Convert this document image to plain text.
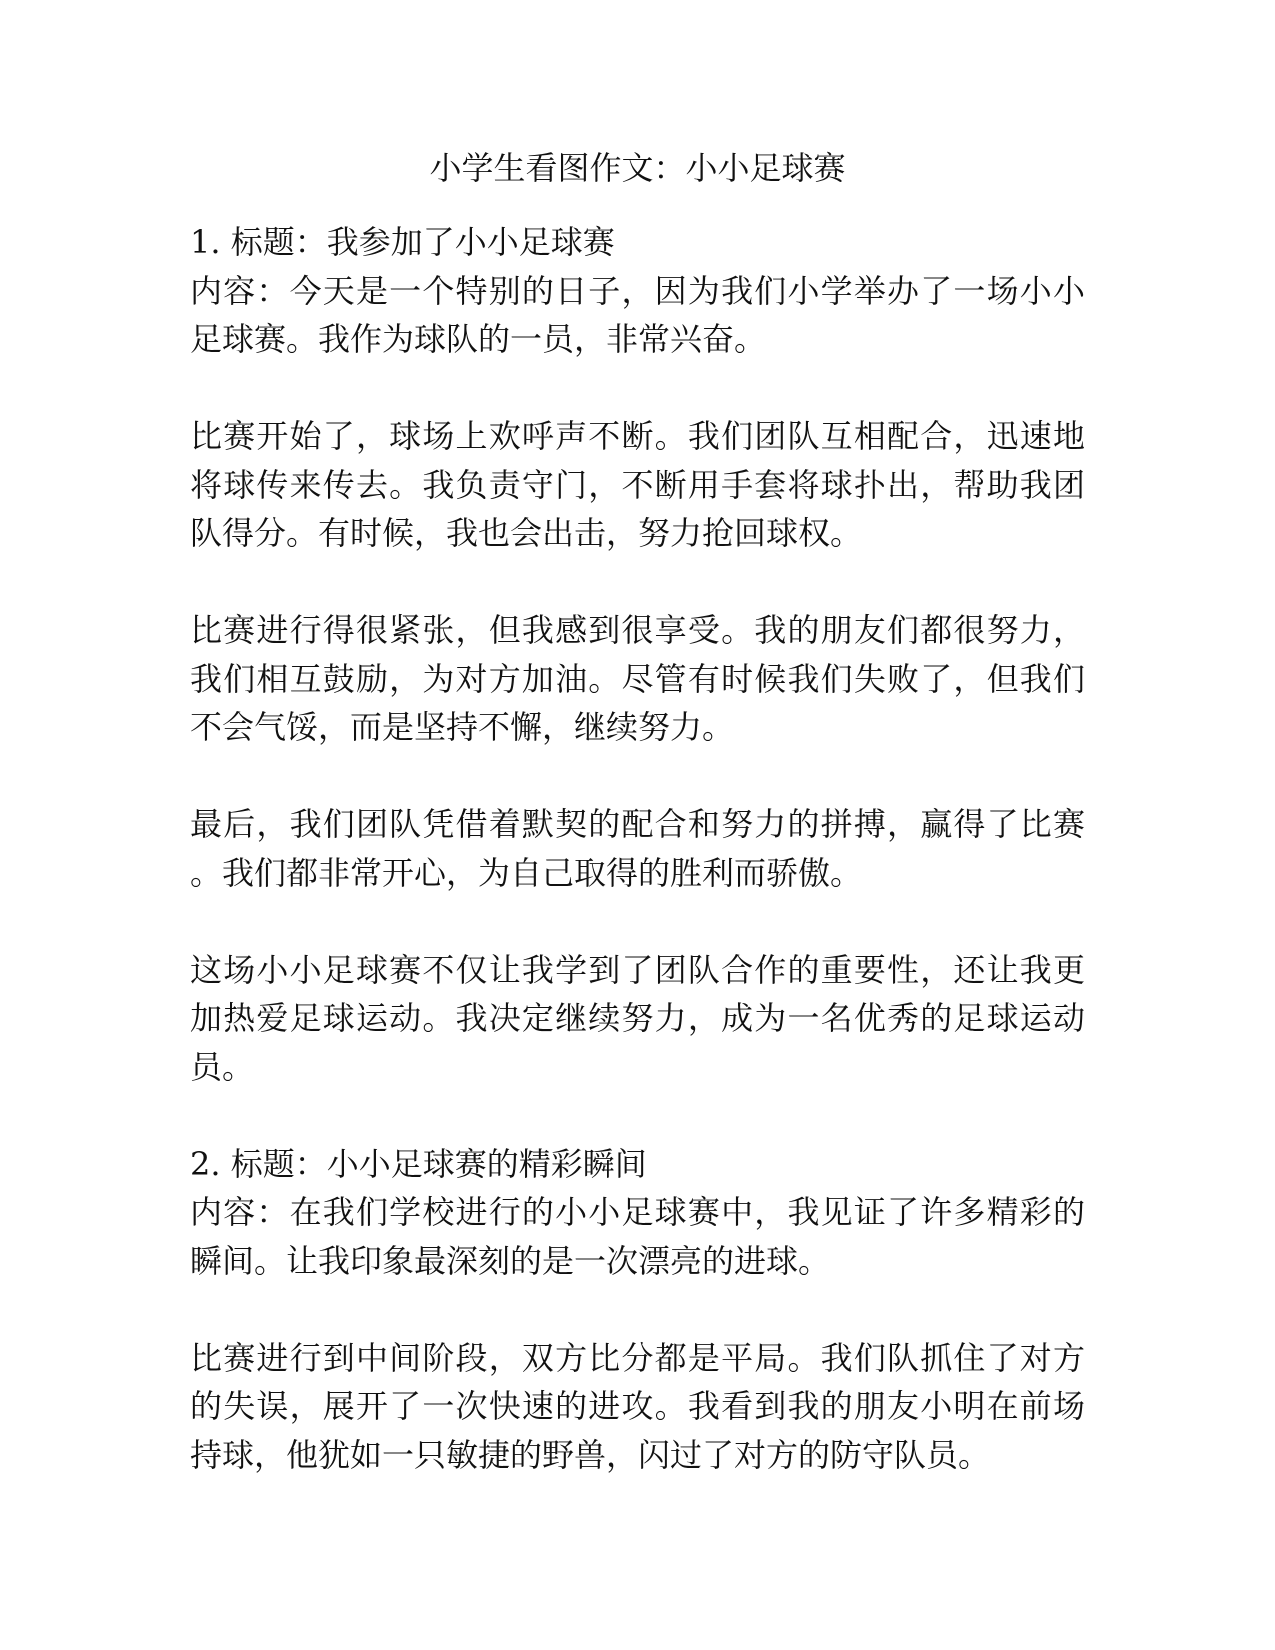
小学生看图作文：小小足球赛
1. 标题：我参加了小小足球赛
内容：今天是一个特别的日子，因为我们小学举办了一场小小
足球赛。我作为球队的一员，非常兴奋。
比赛开始了，球场上欢呼声不断。我们团队互相配合，迅速地
将球传来传去。我负责守门，不断用手套将球扑出，帮助我团
队得分。有时候，我也会出击，努力抢回球权。
比赛进行得很紧张，但我感到很享受。我的朋友们都很努力，
我们相互鼓励，为对方加油。尽管有时候我们失败了，但我们
不会气馁，而是坚持不懈，继续努力。
最后，我们团队凭借着默契的配合和努力的拼搏，赢得了比赛
。我们都非常开心，为自己取得的胜利而骄傲。
这场小小足球赛不仅让我学到了团队合作的重要性，还让我更
加热爱足球运动。我决定继续努力，成为一名优秀的足球运动
员。
2. 标题：小小足球赛的精彩瞬间
内容：在我们学校进行的小小足球赛中，我见证了许多精彩的
瞬间。让我印象最深刻的是一次漂亮的进球。
比赛进行到中间阶段，双方比分都是平局。我们队抓住了对方
的失误，展开了一次快速的进攻。我看到我的朋友小明在前场
持球，他犹如一只敏捷的野兽，闪过了对方的防守队员。
